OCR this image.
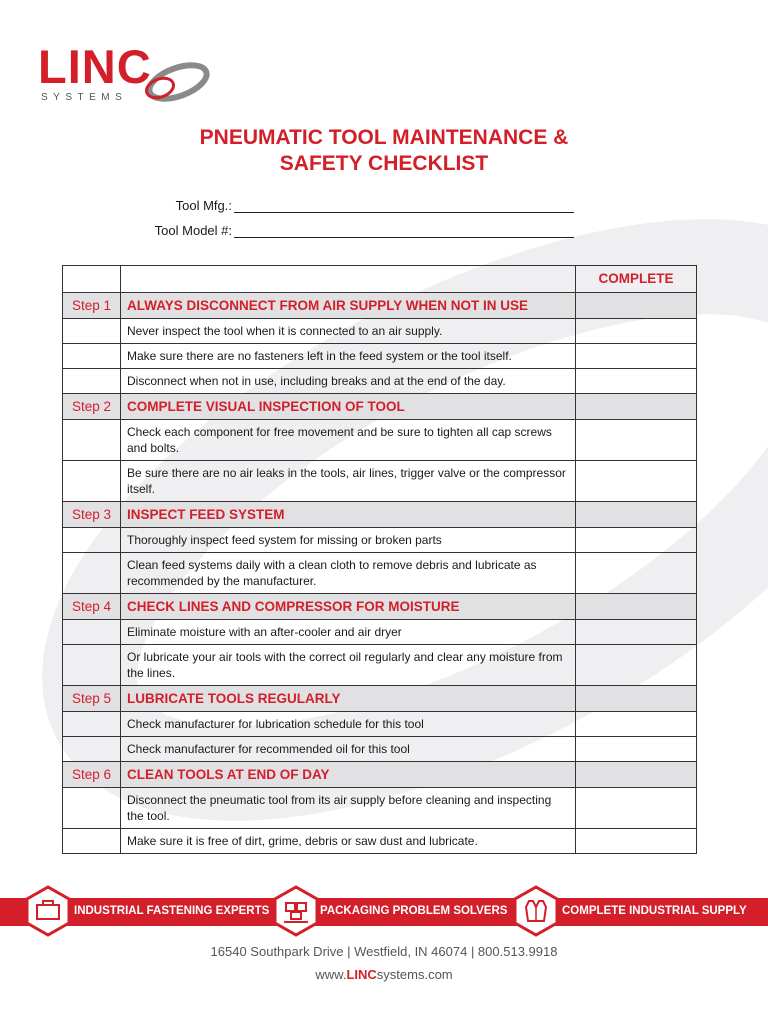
LINC
SYSTEMS
PNEUMATIC TOOL MAINTENANCE &
SAFETY CHECKLIST
Tool Mfg.:
Tool Model #:
		COMPLETE
Step 1	ALWAYS DISCONNECT FROM AIR SUPPLY WHEN NOT IN USE	
	Never inspect the tool when it is connected to an air supply.	
	Make sure there are no fasteners left in the feed system or the tool itself.	
	Disconnect when not in use, including breaks and at the end of the day.	
Step 2	COMPLETE VISUAL INSPECTION OF TOOL	
	Check each component for free movement and be sure to tighten all cap screws and bolts.	
	Be sure there are no air leaks in the tools, air lines, trigger valve or the compressor itself.	
Step 3	INSPECT FEED SYSTEM	
	Thoroughly inspect feed system for missing or broken parts	
	Clean feed systems daily with a clean cloth to remove debris and lubricate as recommended by the manufacturer.	
Step 4	CHECK LINES AND COMPRESSOR FOR MOISTURE	
	Eliminate moisture with an after-cooler and air dryer	
	Or lubricate your air tools with the correct oil regularly and clear any moisture from the lines.	
Step 5	LUBRICATE TOOLS REGULARLY	
	Check manufacturer for lubrication schedule for this tool	
	Check manufacturer for recommended oil for this tool	
Step 6	CLEAN TOOLS AT END OF DAY	
	Disconnect the pneumatic tool from its air supply before cleaning and inspecting the tool.	
	Make sure it is free of dirt, grime, debris or saw dust and lubricate.	
INDUSTRIAL FASTENING EXPERTS	PACKAGING PROBLEM SOLVERS	COMPLETE INDUSTRIAL SUPPLY
16540 Southpark Drive | Westfield, IN 46074 | 800.513.9918
www.LINCsystems.com
